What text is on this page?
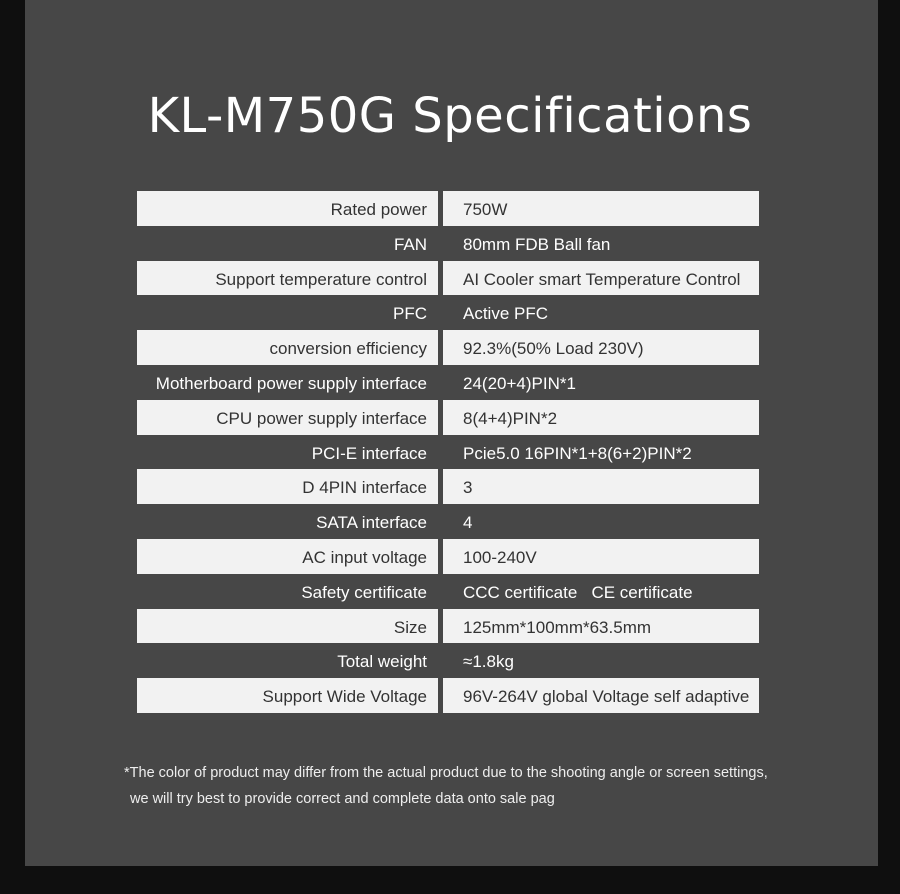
KL-M750G Specifications
Rated power	750W
FAN	80mm FDB Ball fan
Support temperature control	AI Cooler smart Temperature Control
PFC	Active PFC
conversion efficiency	92.3%(50% Load 230V)
Motherboard power supply interface	24(20+4)PIN*1
CPU power supply interface	8(4+4)PIN*2
PCI-E interface	Pcie5.0 16PIN*1+8(6+2)PIN*2
D 4PIN interface	3
SATA interface	4
AC input voltage	100-240V
Safety certificate	CCC certificate   CE certificate
Size	125mm*100mm*63.5mm
Total weight	≈1.8kg
Support Wide Voltage	96V-264V global Voltage self adaptive
*The color of product may differ from the actual product due to the shooting angle or screen settings,
we will try best to provide correct and complete data onto sale pag
